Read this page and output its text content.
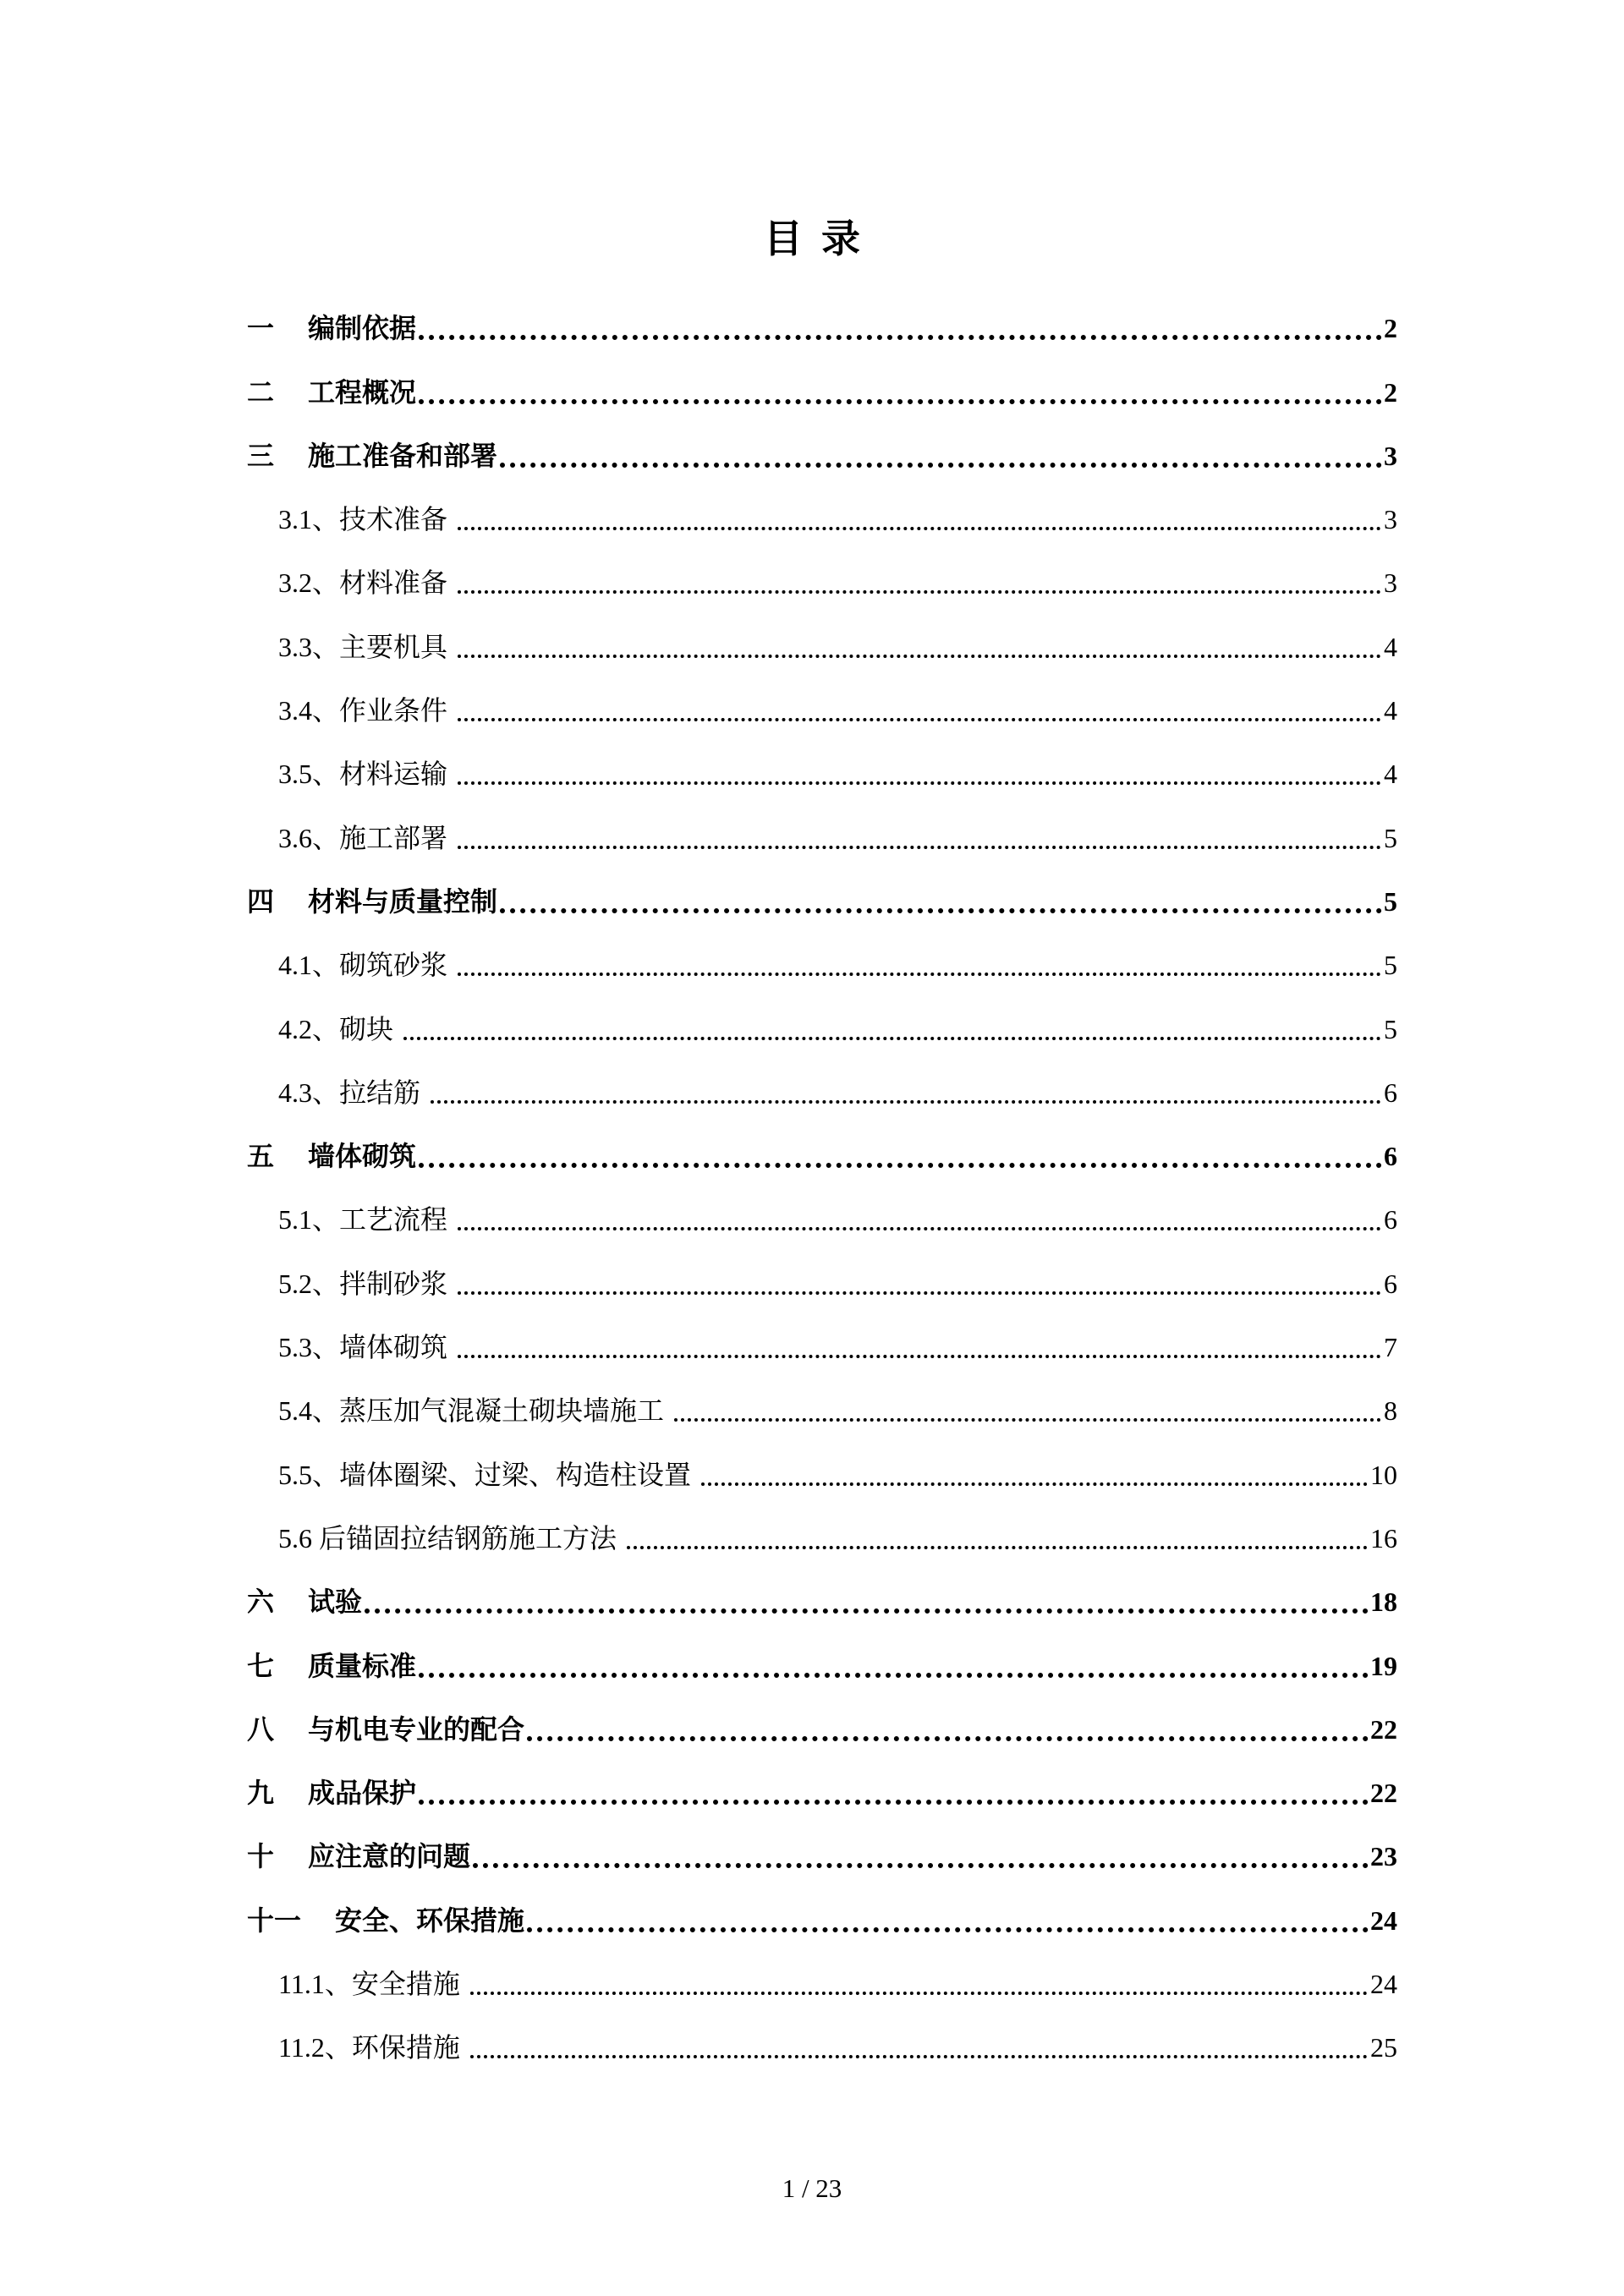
目录
一	编制依据	2
二	工程概况	2
三	施工准备和部署	3
3.1、技术准备	3
3.2、材料准备	3
3.3、主要机具	4
3.4、作业条件	4
3.5、材料运输	4
3.6、施工部署	5
四	材料与质量控制	5
4.1、砌筑砂浆	5
4.2、砌块	5
4.3、拉结筋	6
五	墙体砌筑	6
5.1、工艺流程	6
5.2、拌制砂浆	6
5.3、墙体砌筑	7
5.4、蒸压加气混凝土砌块墙施工	8
5.5、墙体圈梁、过梁、构造柱设置	10
5.6 后锚固拉结钢筋施工方法	16
六	试验	18
七	质量标准	19
八	与机电专业的配合	22
九	成品保护	22
十	应注意的问题	23
十一	安全、环保措施	24
11.1、安全措施	24
11.2、环保措施	25
1 / 23
